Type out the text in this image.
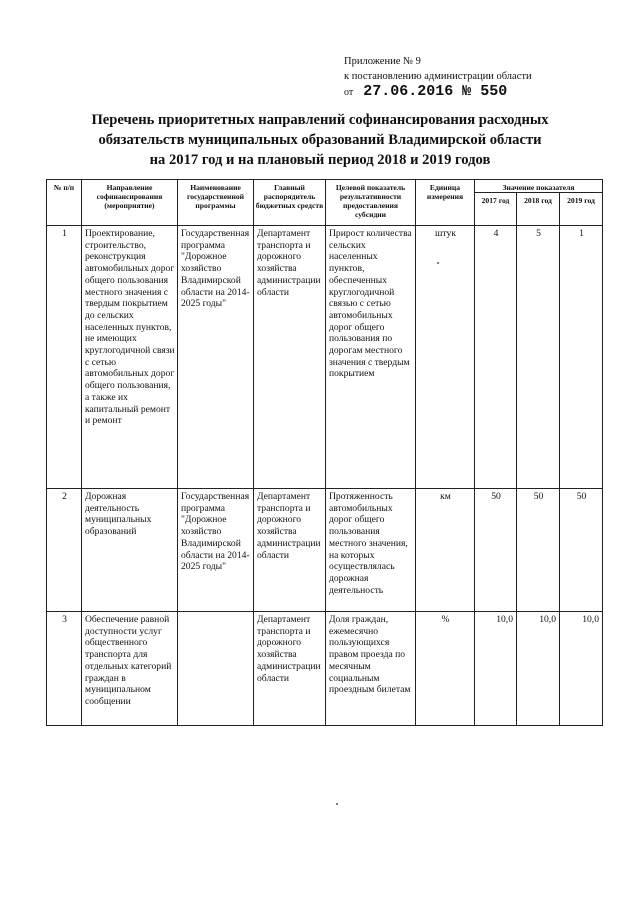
Приложение № 9
к постановлению администрации области
от 27.06.2016 № 550
Перечень приоритетных направлений софинансирования расходных
обязательств муниципальных образований Владимирской области
на 2017 год и на плановый период 2018 и 2019 годов
№ п/п	Направление софинансирования (мероприятие)	Наименование государственной программы	Главный распорядитель бюджетных средств	Целевой показатель результативности предоставления субсидии	Единица измерения	Значение показателя		
						2017 год	2018 год	2019 год
1	Проектирование, строительство, реконструкция автомобильных дорог общего пользования местного значения с твердым покрытием до сельских населенных пунктов, не имеющих круглогодичной связи с сетью автомобильных дорог общего пользования, а также их капитальный ремонт и ремонт	Государственная программа "Дорожное хозяйство Владимирской области на 2014-2025 годы"	Департамент транспорта и дорожного хозяйства администрации области	Прирост количества сельских населенных пунктов, обеспеченных круглогодичной связью с сетью автомобильных дорог общего пользования по дорогам местного значения с твердым покрытием	штук	4	5	1
2	Дорожная деятельность муниципальных образований	Государственная программа "Дорожное хозяйство Владимирской области на 2014-2025 годы"	Департамент транспорта и дорожного хозяйства администрации области	Протяженность автомобильных дорог общего пользования местного значения, на которых осуществлялась дорожная деятельность	км	50	50	50
3	Обеспечение равной доступности услуг общественного транспорта для отдельных категорий граждан в муниципальном сообщении		Департамент транспорта и дорожного хозяйства администрации области	Доля граждан, ежемесячно пользующихся правом проезда по месячным социальным проездным билетам	%	10,0	10,0	10,0
